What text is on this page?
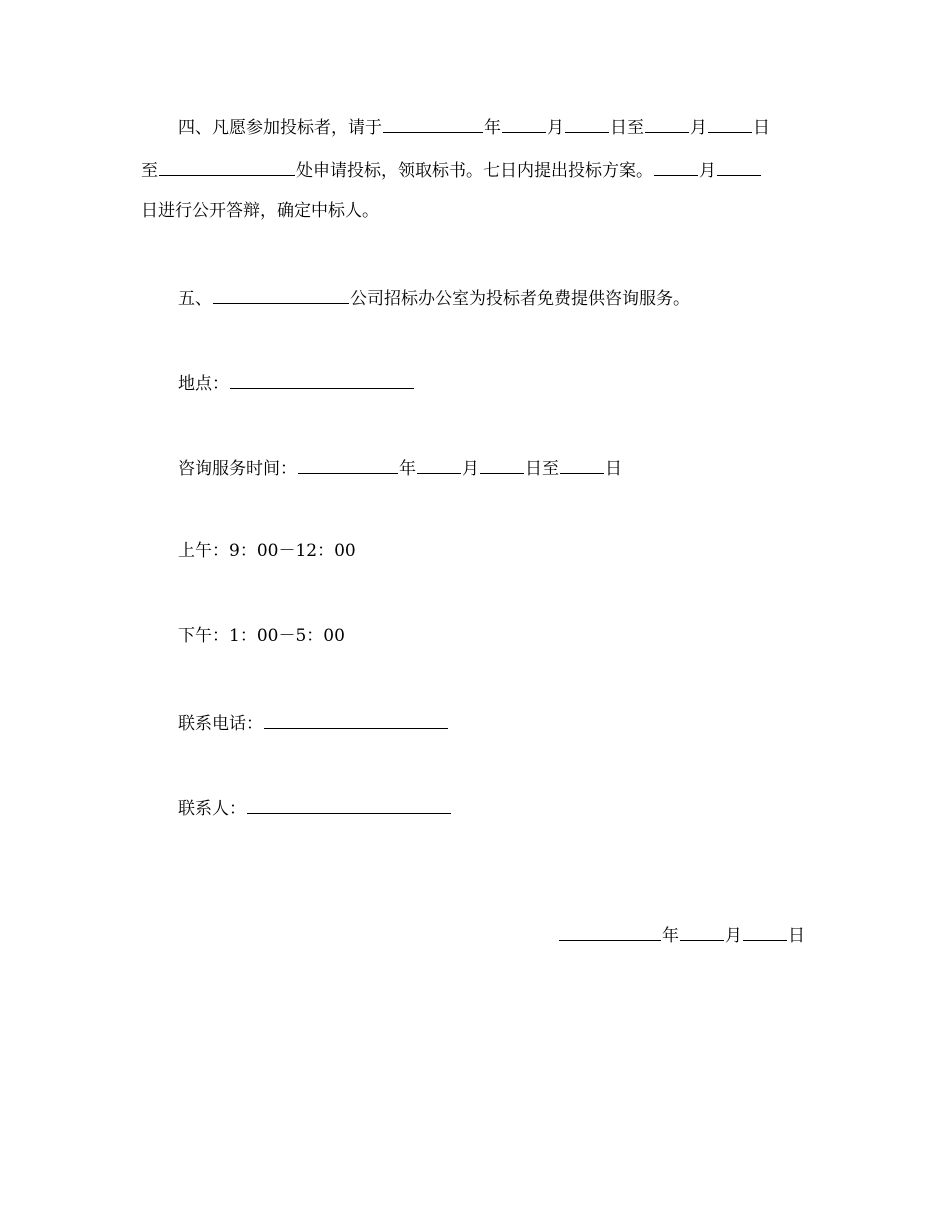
四、凡愿参加投标者，请于	年	月	日至	月	日
至	处申请投标，领取标书。七日内提出投标方案。	月
日进行公开答辩，确定中标人。
五、	公司招标办公室为投标者免费提供咨询服务。
地点：
咨询服务时间：	年	月	日至	日
上午：9：00－12：00
下午：1：00－5：00
联系电话：
联系人：
年	月	日
